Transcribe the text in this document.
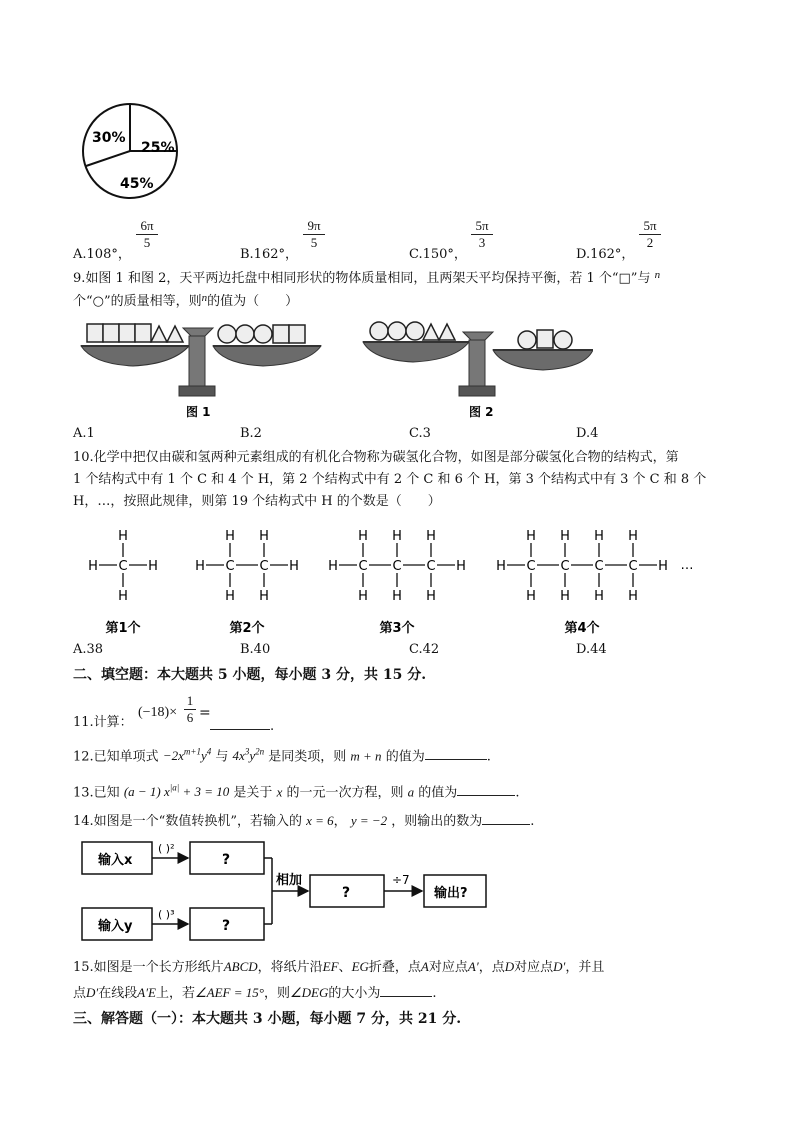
30%
25%
45%
A.108°，
$\frac{6\pi}{5}$
B.162°，
$\frac{9\pi}{5}$
C.150°，
$\frac{5\pi}{3}$
D.162°，
$\frac{5\pi}{2}$
9.如图 1 和图 2，天平两边托盘中相同形状的物体质量相同，且两架天平均保持平衡，若 1 个“□”与 $^n$
个“○”的质量相等，则$^n$的值为（　　）
图 1	图 2
A.1	B.2	C.3	D.4
10.化学中把仅由碳和氢两种元素组成的有机化合物称为碳氢化合物，如图是部分碳氢化合物的结构式，第
1 个结构式中有 1 个 C 和 4 个 H，第 2 个结构式中有 2 个 C 和 6 个 H，第 3 个结构式中有 3 个 C 和 8 个
H，…，按照此规律，则第 19 个结构式中 H 的个数是（　　）
H C
H
H
H
第1个
H C
H
H
C
H
H
H
第2个
H C
H
H
C
H
H
C
H
H
H
第3个
H C
H
H
C
H
H
C
H
H
C
H
H
H …
第4个
A.38	B.40	C.42	D.44
二、填空题：本大题共 5 小题，每小题 3 分，共 15 分.
11.计算：
$(-18)\times \frac{1}{6}$ =
.
12.已知单项式 $-2x^{m+1}y^4$ 与 $4x^3y^{2n}$ 是同类项，则 m + n 的值为	.
13.已知 (a − 1) $x^{|a|} + 3 = 10$ 是关于 x 的一元一次方程，则 a 的值为	.
14.如图是一个“数值转换机”，若输入的 x = 6， y = −2 ，则输出的数为	.
输入x
( )²
?
输入y
( )³
?
相加
?
÷7
输出?
15.如图是一个长方形纸片ABCD，将纸片沿EF、EG折叠，点A对应点A′，点D对应点D′，并且
点D′在线段A′E上，若∠AEF = 15°，则∠DEG的大小为	.
三、解答题（一）：本大题共 3 小题，每小题 7 分，共 21 分.
